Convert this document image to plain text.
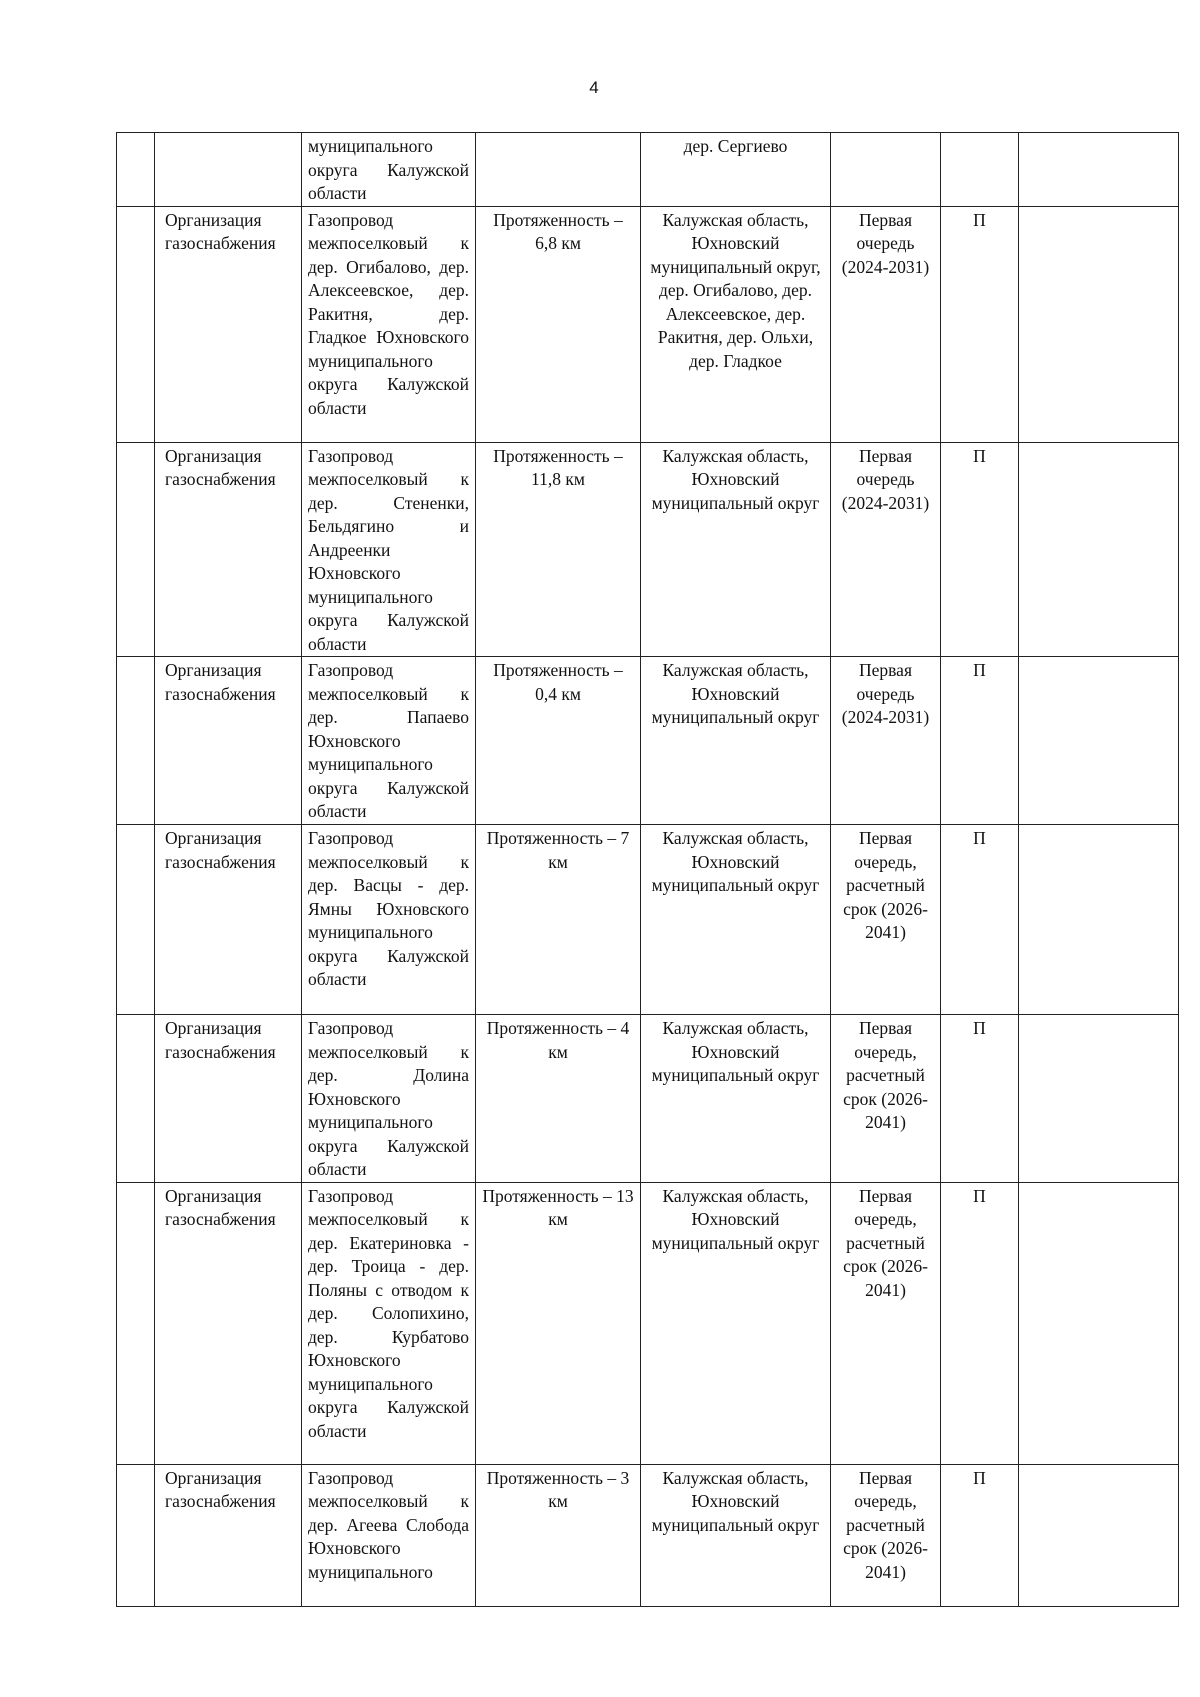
4
		муниципального округа Калужской области		дер. Сергиево			
	Организация газоснабжения	Газопровод межпоселковый к дер. Огибалово, дер. Алексеевское, дер. Ракитня, дер. Гладкое Юхновского муниципального округа Калужской области	Протяженность – 6,8 км	Калужская область, Юхновский муниципальный округ, дер. Огибалово, дер. Алексеевское, дер. Ракитня, дер. Ольхи, дер. Гладкое	Первая очередь (2024-2031)	П	
	Организация газоснабжения	Газопровод межпоселковый к дер. Стененки, Бельдягино и Андреенки Юхновского муниципального округа Калужской области	Протяженность – 11,8 км	Калужская область, Юхновский муниципальный округ	Первая очередь (2024-2031)	П	
	Организация газоснабжения	Газопровод межпоселковый к дер. Папаево Юхновского муниципального округа Калужской области	Протяженность – 0,4 км	Калужская область, Юхновский муниципальный округ	Первая очередь (2024-2031)	П	
	Организация газоснабжения	Газопровод межпоселковый к дер. Васцы - дер. Ямны Юхновского муниципального округа Калужской области	Протяженность – 7 км	Калужская область, Юхновский муниципальный округ	Первая очередь, расчетный срок (2026-2041)	П	
	Организация газоснабжения	Газопровод межпоселковый к дер. Долина Юхновского муниципального округа Калужской области	Протяженность – 4 км	Калужская область, Юхновский муниципальный округ	Первая очередь, расчетный срок (2026-2041)	П	
	Организация газоснабжения	Газопровод межпоселковый к дер. Екатериновка - дер. Троица - дер. Поляны с отводом к дер. Солопихино, дер. Курбатово Юхновского муниципального округа Калужской области	Протяженность – 13 км	Калужская область, Юхновский муниципальный округ	Первая очередь, расчетный срок (2026-2041)	П	
	Организация газоснабжения	Газопровод межпоселковый к дер. Агеева Слобода Юхновского муниципального	Протяженность – 3 км	Калужская область, Юхновский муниципальный округ	Первая очередь, расчетный срок (2026-2041)	П	
